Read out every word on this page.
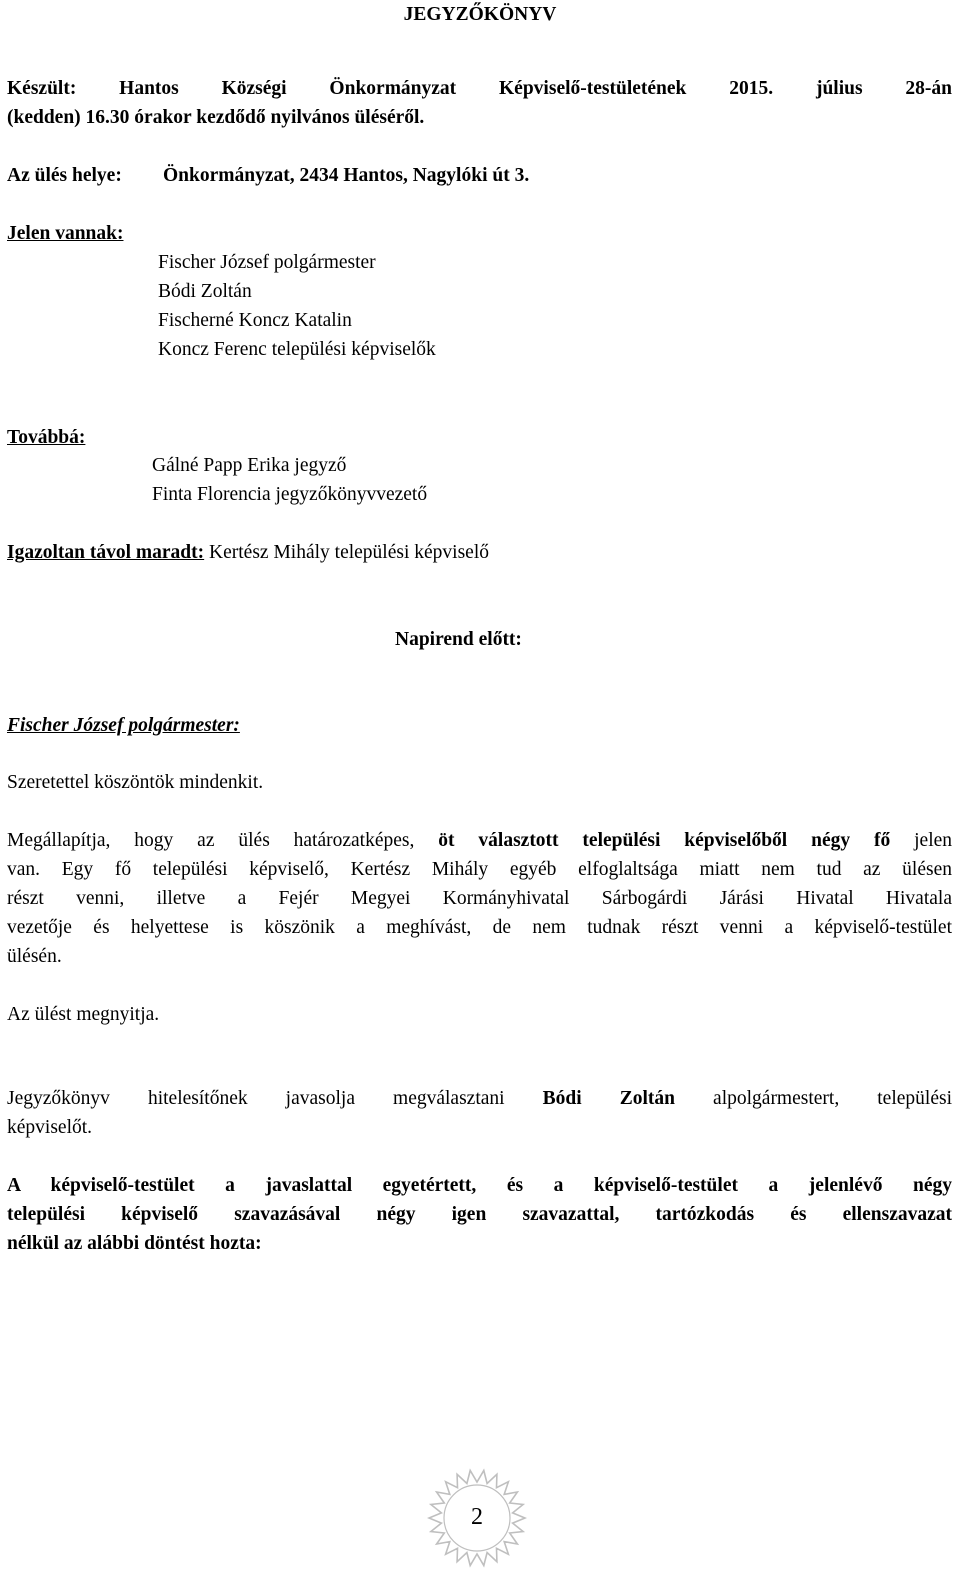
JEGYZŐKÖNYV
Készült: Hantos Községi Önkormányzat Képviselő-testületének 2015. július 28-án
(kedden) 16.30 órakor kezdődő nyilvános üléséről.
Az ülés helye: Önkormányzat, 2434 Hantos, Nagylóki út 3.
Jelen vannak:
Fischer József polgármester
Bódi Zoltán
Fischerné Koncz Katalin
Koncz Ferenc települési képviselők
Továbbá:
Gálné Papp Erika jegyző
Finta Florencia jegyzőkönyvvezető
Igazoltan távol maradt: Kertész Mihály települési képviselő
Napirend előtt:
Fischer József polgármester:
Szeretettel köszöntök mindenkit.
Megállapítja, hogy az ülés határozatképes, öt választott települési képviselőből négy fő jelen
van. Egy fő települési képviselő, Kertész Mihály egyéb elfoglaltsága miatt nem tud az ülésen
részt venni, illetve a Fejér Megyei Kormányhivatal Sárbogárdi Járási Hivatal Hivatala
vezetője és helyettese is köszönik a meghívást, de nem tudnak részt venni a képviselő-testület
ülésén.
Az ülést megnyitja.
Jegyzőkönyv hitelesítőnek javasolja megválasztani Bódi Zoltán alpolgármestert, települési
képviselőt.
A képviselő-testület a javaslattal egyetértett, és a képviselő-testület a jelenlévő négy
települési képviselő szavazásával négy igen szavazattal, tartózkodás és ellenszavazat
nélkül az alábbi döntést hozta:
2
